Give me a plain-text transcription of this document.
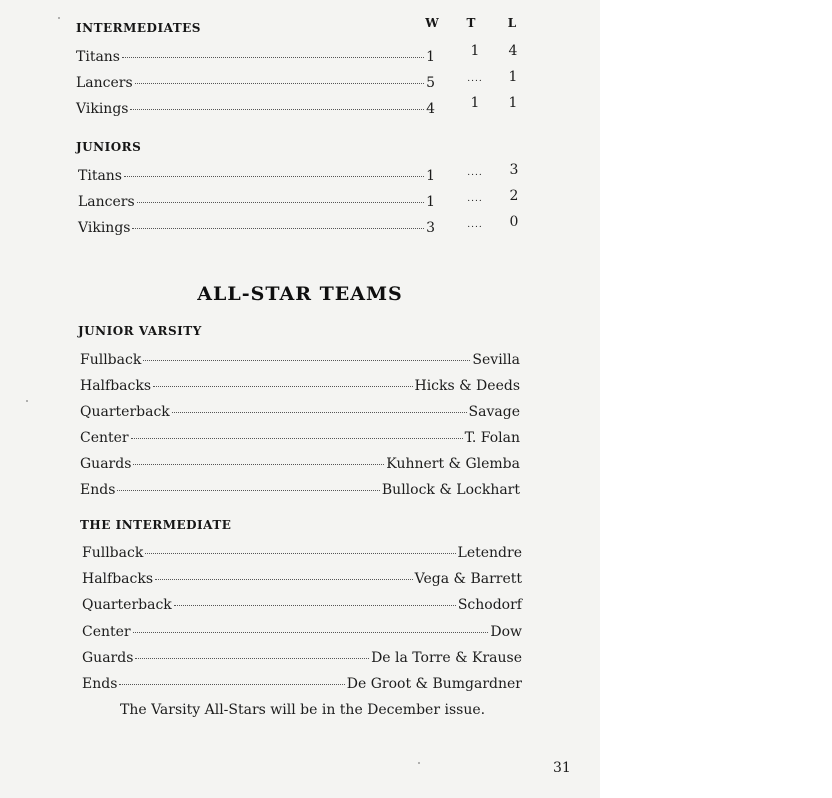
W	T	L
INTERMEDIATES
Titans	1	1	4
Lancers	5	....	1
Vikings	4	1	1
JUNIORS
Titans	1	....	3
Lancers	1	....	2
Vikings	3	....	0
ALL-STAR TEAMS
JUNIOR VARSITY
Fullback	Sevilla
Halfbacks	Hicks & Deeds
Quarterback	Savage
Center	T. Folan
Guards	Kuhnert & Glemba
Ends	Bullock & Lockhart
THE INTERMEDIATE
Fullback	Letendre
Halfbacks	Vega & Barrett
Quarterback	Schodorf
Center	Dow
Guards	De la Torre & Krause
Ends	De Groot & Bumgardner
The Varsity All-Stars will be in the December issue.
31
